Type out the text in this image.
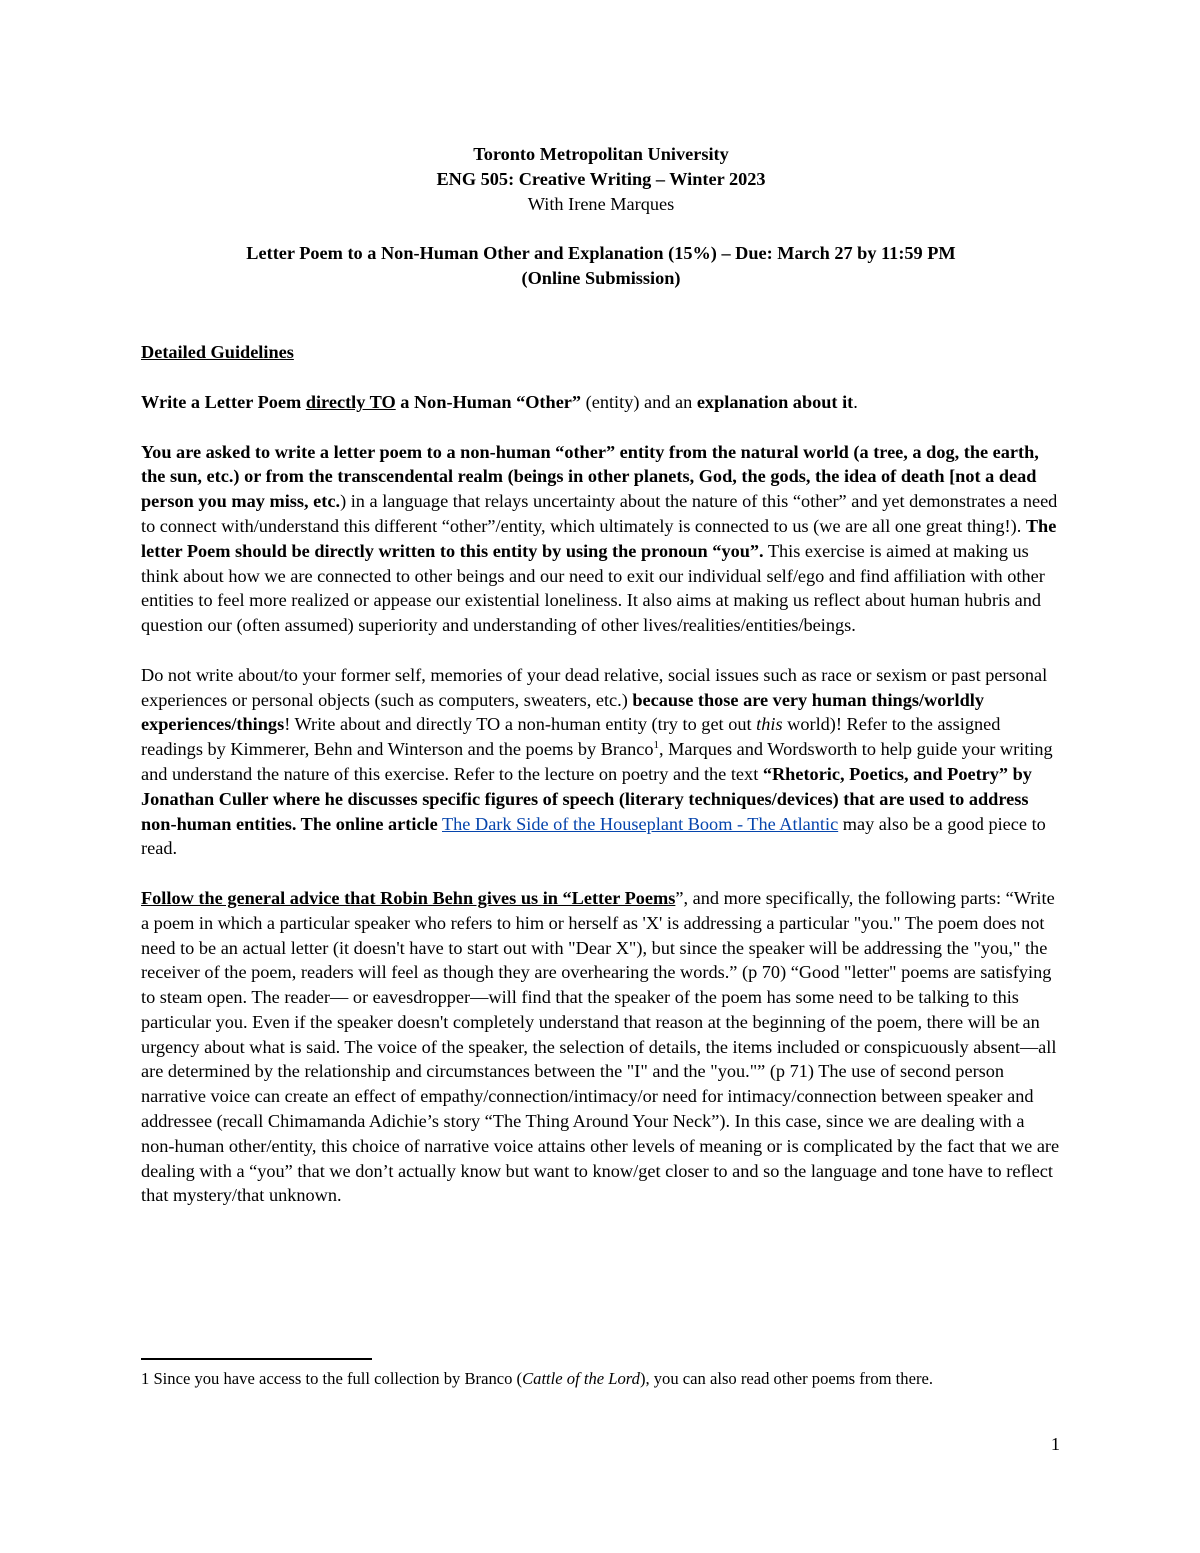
Toronto Metropolitan University

ENG 505: Creative Writing – Winter 2023

With Irene Marques

Letter Poem to a Non-Human Other and Explanation (15%) – Due: March 27 by 11:59 PM
(Online Submission)

Detailed Guidelines

Write a Letter Poem directly TO a Non-Human “Other” (entity) and an explanation about it.

You are asked to write a letter poem to a non-human “other” entity from the natural world (a tree, a dog, the earth, the sun, etc.) or from the transcendental realm (beings in other planets, God, the gods, the idea of death [not a dead person you may miss, etc.) in a language that relays uncertainty about the nature of this “other” and yet demonstrates a need to connect with/understand this different “other”/entity, which ultimately is connected to us (we are all one great thing!). The letter Poem should be directly written to this entity by using the pronoun “you”. This exercise is aimed at making us think about how we are connected to other beings and our need to exit our individual self/ego and find affiliation with other entities to feel more realized or appease our existential loneliness. It also aims at making us reflect about human hubris and question our (often assumed) superiority and understanding of other lives/realities/entities/beings.

Do not write about/to your former self, memories of your dead relative, social issues such as race or sexism or past personal experiences or personal objects (such as computers, sweaters, etc.) because those are very human things/worldly experiences/things! Write about and directly TO a non-human entity (try to get out this world)! Refer to the assigned readings by Kimmerer, Behn and Winterson and the poems by Branco$^1$, Marques and Wordsworth to help guide your writing and understand the nature of this exercise. Refer to the lecture on poetry and the text “Rhetoric, Poetics, and Poetry” by Jonathan Culler where he discusses specific figures of speech (literary techniques/devices) that are used to address non-human entities. The online article The Dark Side of the Houseplant Boom - The Atlantic may also be a good piece to read.

Follow the general advice that Robin Behn gives us in “Letter Poems”, and more specifically, the following parts: “Write a poem in which a particular speaker who refers to him or herself as 'X' is addressing a particular "you." The poem does not need to be an actual letter (it doesn't have to start out with "Dear X"), but since the speaker will be addressing the "you," the receiver of the poem, readers will feel as though they are overhearing the words.” (p 70) “Good "letter" poems are satisfying to steam open. The reader— or eavesdropper—will find that the speaker of the poem has some need to be talking to this particular you. Even if the speaker doesn't completely understand that reason at the beginning of the poem, there will be an urgency about what is said. The voice of the speaker, the selection of details, the items included or conspicuously absent—all are determined by the relationship and circumstances between the "I" and the "you."” (p 71) The use of second person narrative voice can create an effect of empathy/connection/intimacy/or need for intimacy/connection between speaker and addressee (recall Chimamanda Adichie’s story “The Thing Around Your Neck”). In this case, since we are dealing with a non-human other/entity, this choice of narrative voice attains other levels of meaning or is complicated by the fact that we are dealing with a “you” that we don’t actually know but want to know/get closer to and so the language and tone have to reflect that mystery/that unknown.

1 Since you have access to the full collection by Branco (Cattle of the Lord), you can also read other poems from there.

1
